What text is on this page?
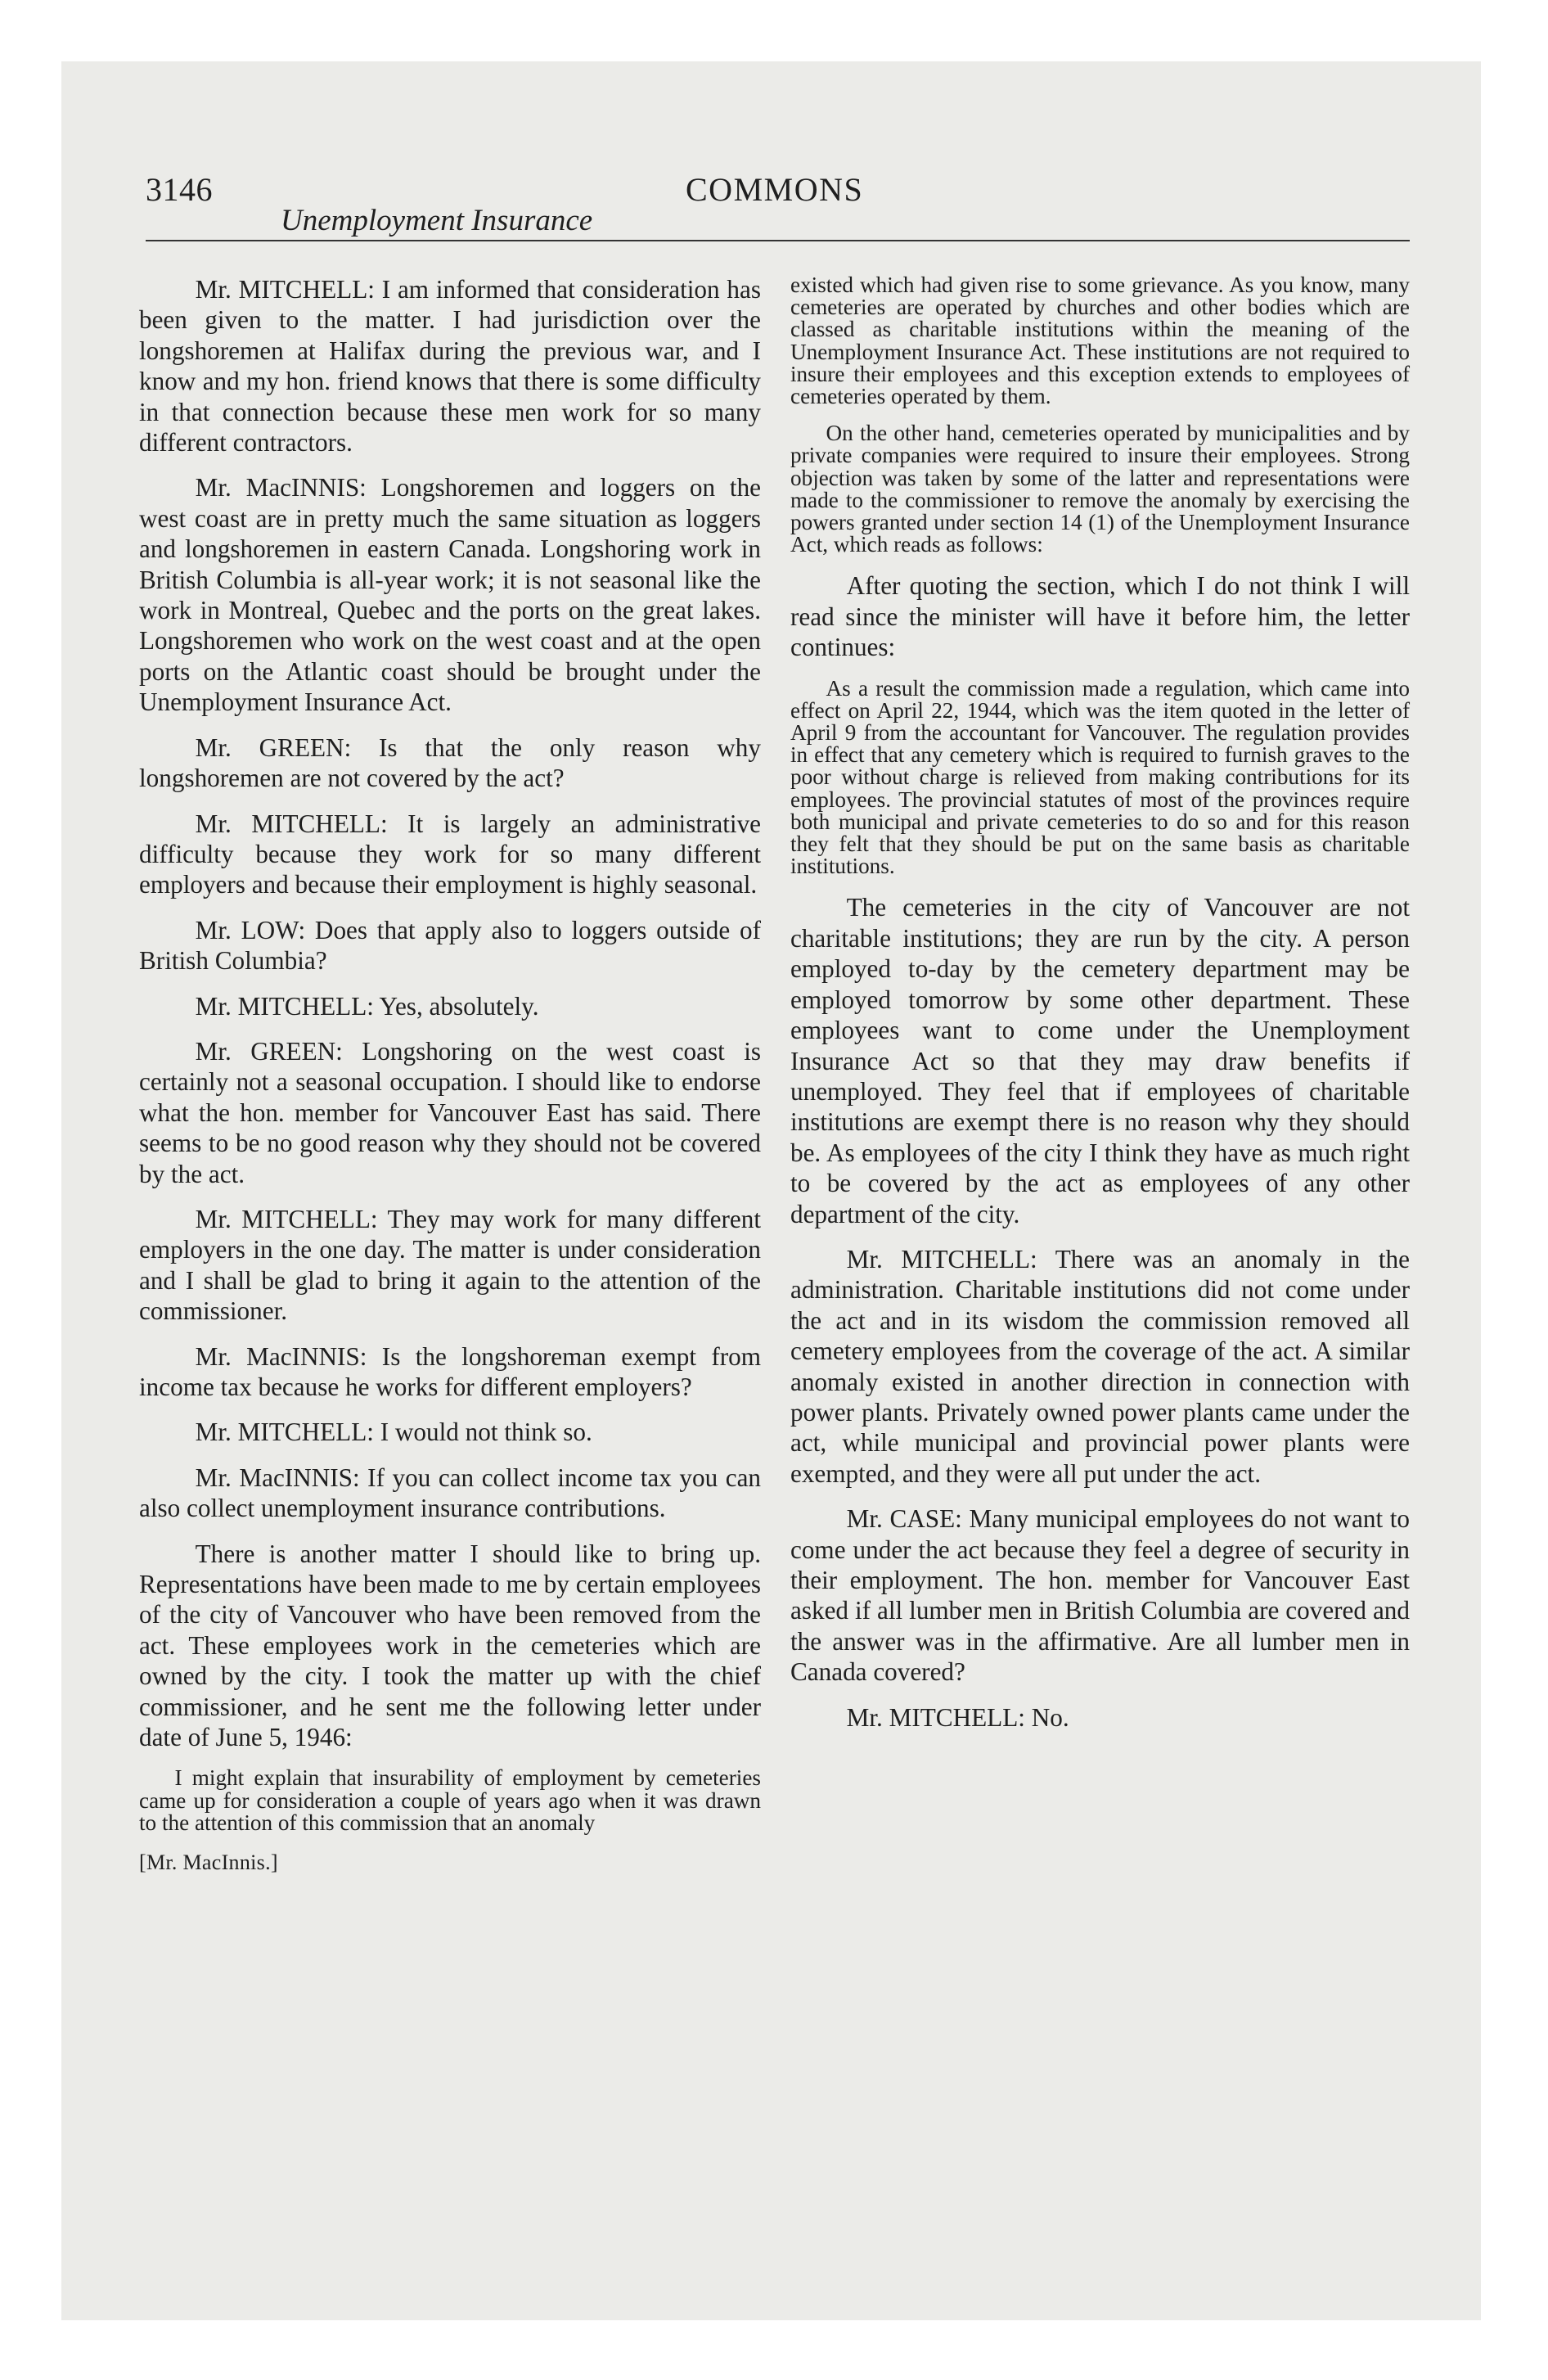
3146
Unemployment Insurance
COMMONS

Mr. MITCHELL: I am informed that consideration has been given to the matter. I had jurisdiction over the longshoremen at Halifax during the previous war, and I know and my hon. friend knows that there is some difficulty in that connection because these men work for so many different contractors.

Mr. MacINNIS: Longshoremen and loggers on the west coast are in pretty much the same situation as loggers and longshoremen in eastern Canada. Longshoring work in British Columbia is all-year work; it is not seasonal like the work in Montreal, Quebec and the ports on the great lakes. Longshoremen who work on the west coast and at the open ports on the Atlantic coast should be brought under the Unemployment Insurance Act.

Mr. GREEN: Is that the only reason why longshoremen are not covered by the act?

Mr. MITCHELL: It is largely an administrative difficulty because they work for so many different employers and because their employment is highly seasonal.

Mr. LOW: Does that apply also to loggers outside of British Columbia?

Mr. MITCHELL: Yes, absolutely.

Mr. GREEN: Longshoring on the west coast is certainly not a seasonal occupation. I should like to endorse what the hon. member for Vancouver East has said. There seems to be no good reason why they should not be covered by the act.

Mr. MITCHELL: They may work for many different employers in the one day. The matter is under consideration and I shall be glad to bring it again to the attention of the commissioner.

Mr. MacINNIS: Is the longshoreman exempt from income tax because he works for different employers?

Mr. MITCHELL: I would not think so.

Mr. MacINNIS: If you can collect income tax you can also collect unemployment insurance contributions.

There is another matter I should like to bring up. Representations have been made to me by certain employees of the city of Vancouver who have been removed from the act. These employees work in the cemeteries which are owned by the city. I took the matter up with the chief commissioner, and he sent me the following letter under date of June 5, 1946:

I might explain that insurability of employment by cemeteries came up for consideration a couple of years ago when it was drawn to the attention of this commission that an anomaly

[Mr. MacInnis.]

existed which had given rise to some grievance. As you know, many cemeteries are operated by churches and other bodies which are classed as charitable institutions within the meaning of the Unemployment Insurance Act. These institutions are not required to insure their employees and this exception extends to employees of cemeteries operated by them.

On the other hand, cemeteries operated by municipalities and by private companies were required to insure their employees. Strong objection was taken by some of the latter and representations were made to the commissioner to remove the anomaly by exercising the powers granted under section 14 (1) of the Unemployment Insurance Act, which reads as follows:

After quoting the section, which I do not think I will read since the minister will have it before him, the letter continues:

As a result the commission made a regulation, which came into effect on April 22, 1944, which was the item quoted in the letter of April 9 from the accountant for Vancouver. The regulation provides in effect that any cemetery which is required to furnish graves to the poor without charge is relieved from making contributions for its employees. The provincial statutes of most of the provinces require both municipal and private cemeteries to do so and for this reason they felt that they should be put on the same basis as charitable institutions.

The cemeteries in the city of Vancouver are not charitable institutions; they are run by the city. A person employed to-day by the cemetery department may be employed tomorrow by some other department. These employees want to come under the Unemployment Insurance Act so that they may draw benefits if unemployed. They feel that if employees of charitable institutions are exempt there is no reason why they should be. As employees of the city I think they have as much right to be covered by the act as employees of any other department of the city.

Mr. MITCHELL: There was an anomaly in the administration. Charitable institutions did not come under the act and in its wisdom the commission removed all cemetery employees from the coverage of the act. A similar anomaly existed in another direction in connection with power plants. Privately owned power plants came under the act, while municipal and provincial power plants were exempted, and they were all put under the act.

Mr. CASE: Many municipal employees do not want to come under the act because they feel a degree of security in their employment. The hon. member for Vancouver East asked if all lumber men in British Columbia are covered and the answer was in the affirmative. Are all lumber men in Canada covered?

Mr. MITCHELL: No.
